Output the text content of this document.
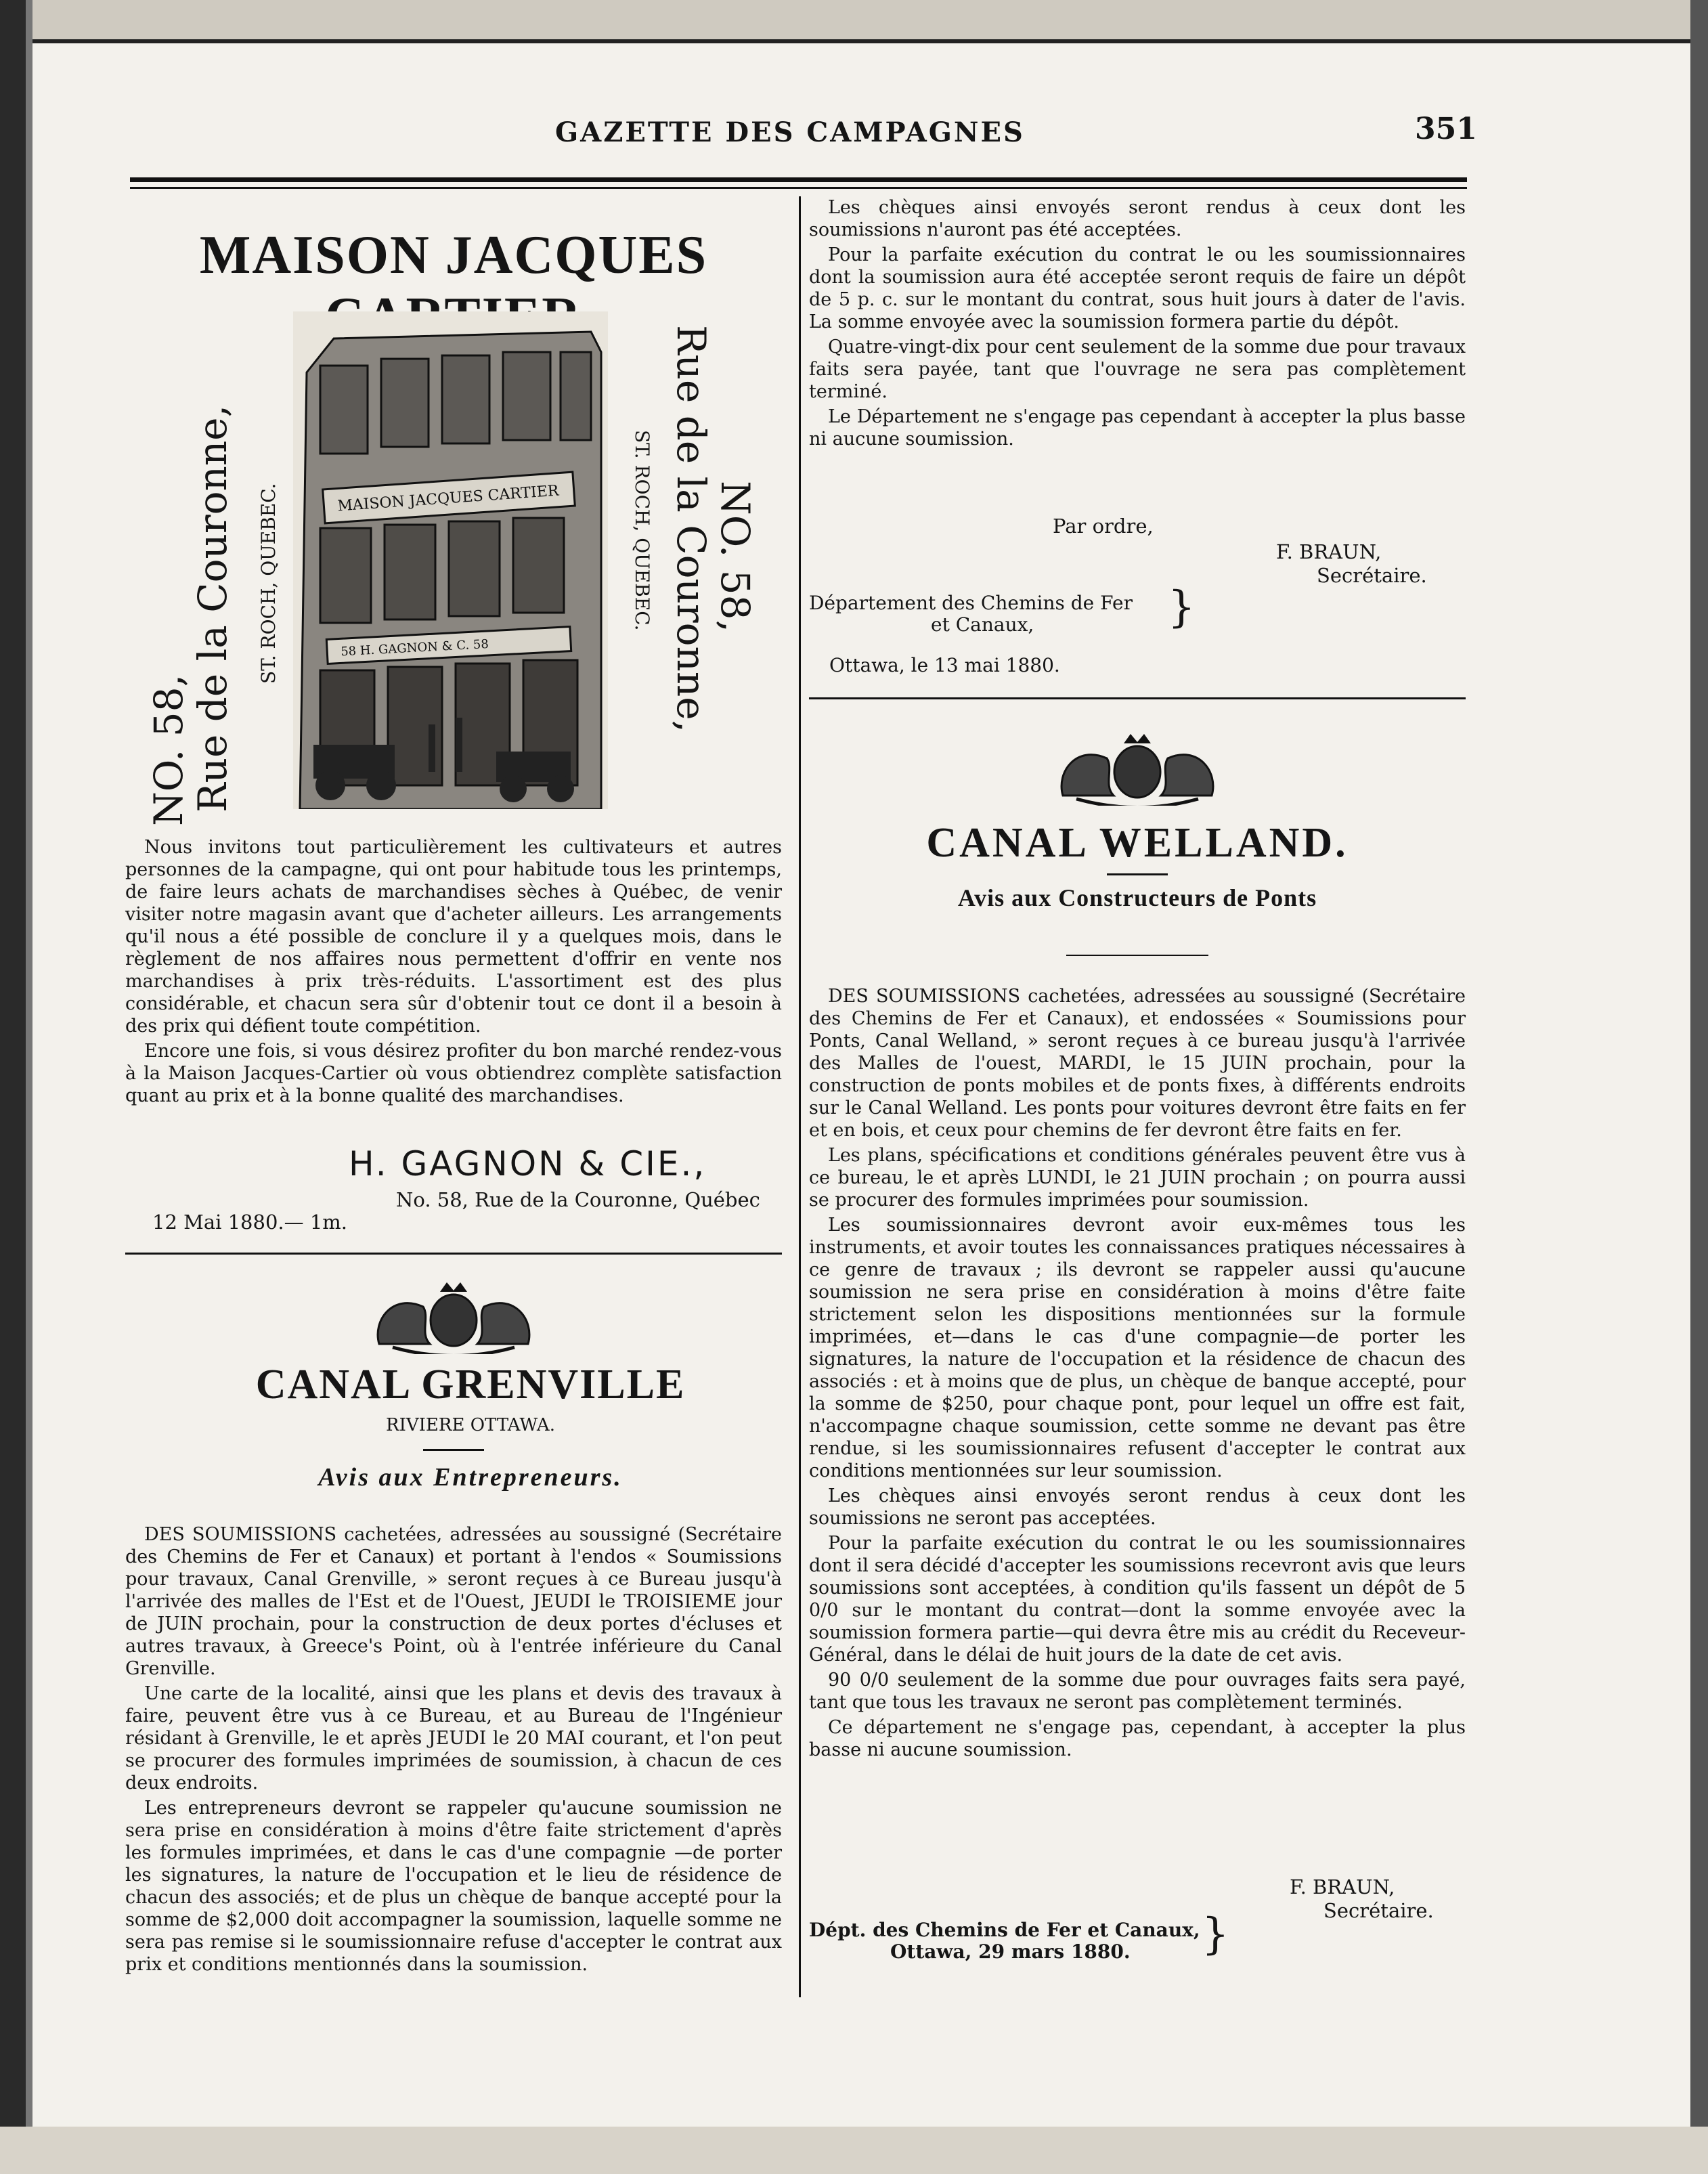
GAZETTE DES CAMPAGNES	351
MAISON JACQUES
NO. 58,
Rue de la Couronne, ST. ROCH, QUEBEC.	NO. 58,
Rue de la Couronne,
ST. ROCH, QUEBEC.
MAISON JACQUES CARTIER
58 H. GAGNON & C. 58

Nous invitons tout particulièrement les cultivateurs et autres personnes de la campagne, qui ont pour habitude tous les printemps, de faire leurs achats de marchandises sèches à Québec, de venir visiter notre magasin avant que d'acheter ailleurs. Les arrangements qu'il nous a été possible de conclure il y a quelques mois, dans le règlement de nos affaires nous permettent d'offrir en vente nos marchandises à prix très-réduits. L'assortiment est des plus considérable, et chacun sera sûr d'obtenir tout ce dont il a besoin à des prix qui défient toute compétition.

Encore une fois, si vous désirez profiter du bon marché rendez-vous à la Maison Jacques-Cartier où vous obtiendrez complète satisfaction quant au prix et à la bonne qualité des marchandises.

H. GAGNON & CIE.,
No. 58, Rue de la Couronne, Québec
12 Mai 1880.— 1m.
CANAL GRENVILLE
RIVIERE OTTAWA.
Avis aux Entrepreneurs.

DES SOUMISSIONS cachetées, adressées au soussigné (Secrétaire des Chemins de Fer et Canaux) et portant à l'endos « Soumissions pour travaux, Canal Grenville, » seront reçues à ce Bureau jusqu'à l'arrivée des malles de l'Est et de l'Ouest, JEUDI le TROISIEME jour de JUIN prochain, pour la construction de deux portes d'écluses et autres travaux, à Greece's Point, où à l'entrée inférieure du Canal Grenville.

Une carte de la localité, ainsi que les plans et devis des travaux à faire, peuvent être vus à ce Bureau, et au Bureau de l'Ingénieur résidant à Grenville, le et après JEUDI le 20 MAI courant, et l'on peut se procurer des formules imprimées de soumission, à chacun de ces deux endroits.

Les entrepreneurs devront se rappeler qu'aucune soumission ne sera prise en considération à moins d'être faite strictement d'après les formules imprimées, et dans le cas d'une compagnie —de porter les signatures, la nature de l'occupation et le lieu de résidence de chacun des associés; et de plus un chèque de banque accepté pour la somme de $2,000 doit accompagner la soumission, laquelle somme ne sera pas remise si le soumissionnaire refuse d'accepter le contrat aux prix et conditions mentionnés dans la soumission.

Les chèques ainsi envoyés seront rendus à ceux dont les soumissions n'auront pas été acceptées.

Pour la parfaite exécution du contrat le ou les soumissionnaires dont la soumission aura été acceptée seront requis de faire un dépôt de 5 p. c. sur le montant du contrat, sous huit jours à dater de l'avis. La somme envoyée avec la soumission formera partie du dépôt.

Quatre-vingt-dix pour cent seulement de la somme due pour travaux faits sera payée, tant que l'ouvrage ne sera pas complètement terminé.

Le Département ne s'engage pas cependant à accepter la plus basse ni aucune soumission.

Par ordre,
F. BRAUN,
Secrétaire.
Département des Chemins de Fer
et Canaux,	}
Ottawa, le 13 mai 1880.
CANAL WELLAND.
Avis aux Constructeurs de Ponts

DES SOUMISSIONS cachetées, adressées au soussigné (Secrétaire des Chemins de Fer et Canaux), et endossées « Soumissions pour Ponts, Canal Welland, » seront reçues à ce bureau jusqu'à l'arrivée des Malles de l'ouest, MARDI, le 15 JUIN prochain, pour la construction de ponts mobiles et de ponts fixes, à différents endroits sur le Canal Welland. Les ponts pour voitures devront être faits en fer et en bois, et ceux pour chemins de fer devront être faits en fer.

Les plans, spécifications et conditions générales peuvent être vus à ce bureau, le et après LUNDI, le 21 JUIN prochain ; on pourra aussi se procurer des formules imprimées pour soumission.

Les soumissionnaires devront avoir eux-mêmes tous les instruments, et avoir toutes les connaissances pratiques nécessaires à ce genre de travaux ; ils devront se rappeler aussi qu'aucune soumission ne sera prise en considération à moins d'être faite strictement selon les dispositions mentionnées sur la formule imprimées, et—dans le cas d'une compagnie—de porter les signatures, la nature de l'occupation et la résidence de chacun des associés : et à moins que de plus, un chèque de banque accepté, pour la somme de $250, pour chaque pont, pour lequel un offre est fait, n'accompagne chaque soumission, cette somme ne devant pas être rendue, si les soumissionnaires refusent d'accepter le contrat aux conditions mentionnées sur leur soumission.

Les chèques ainsi envoyés seront rendus à ceux dont les soumissions ne seront pas acceptées.

Pour la parfaite exécution du contrat le ou les soumissionnaires dont il sera décidé d'accepter les soumissions recevront avis que leurs soumissions sont acceptées, à condition qu'ils fassent un dépôt de 5 0/0 sur le montant du contrat—dont la somme envoyée avec la soumission formera partie—qui devra être mis au crédit du Receveur-Général, dans le délai de huit jours de la date de cet avis.

90 0/0 seulement de la somme due pour ouvrages faits sera payé, tant que tous les travaux ne seront pas complètement terminés.

Ce département ne s'engage pas, cependant, à accepter la plus basse ni aucune soumission.

F. BRAUN,
Secrétaire.
Dépt. des Chemins de Fer et Canaux,
Ottawa, 29 mars 1880.	}
